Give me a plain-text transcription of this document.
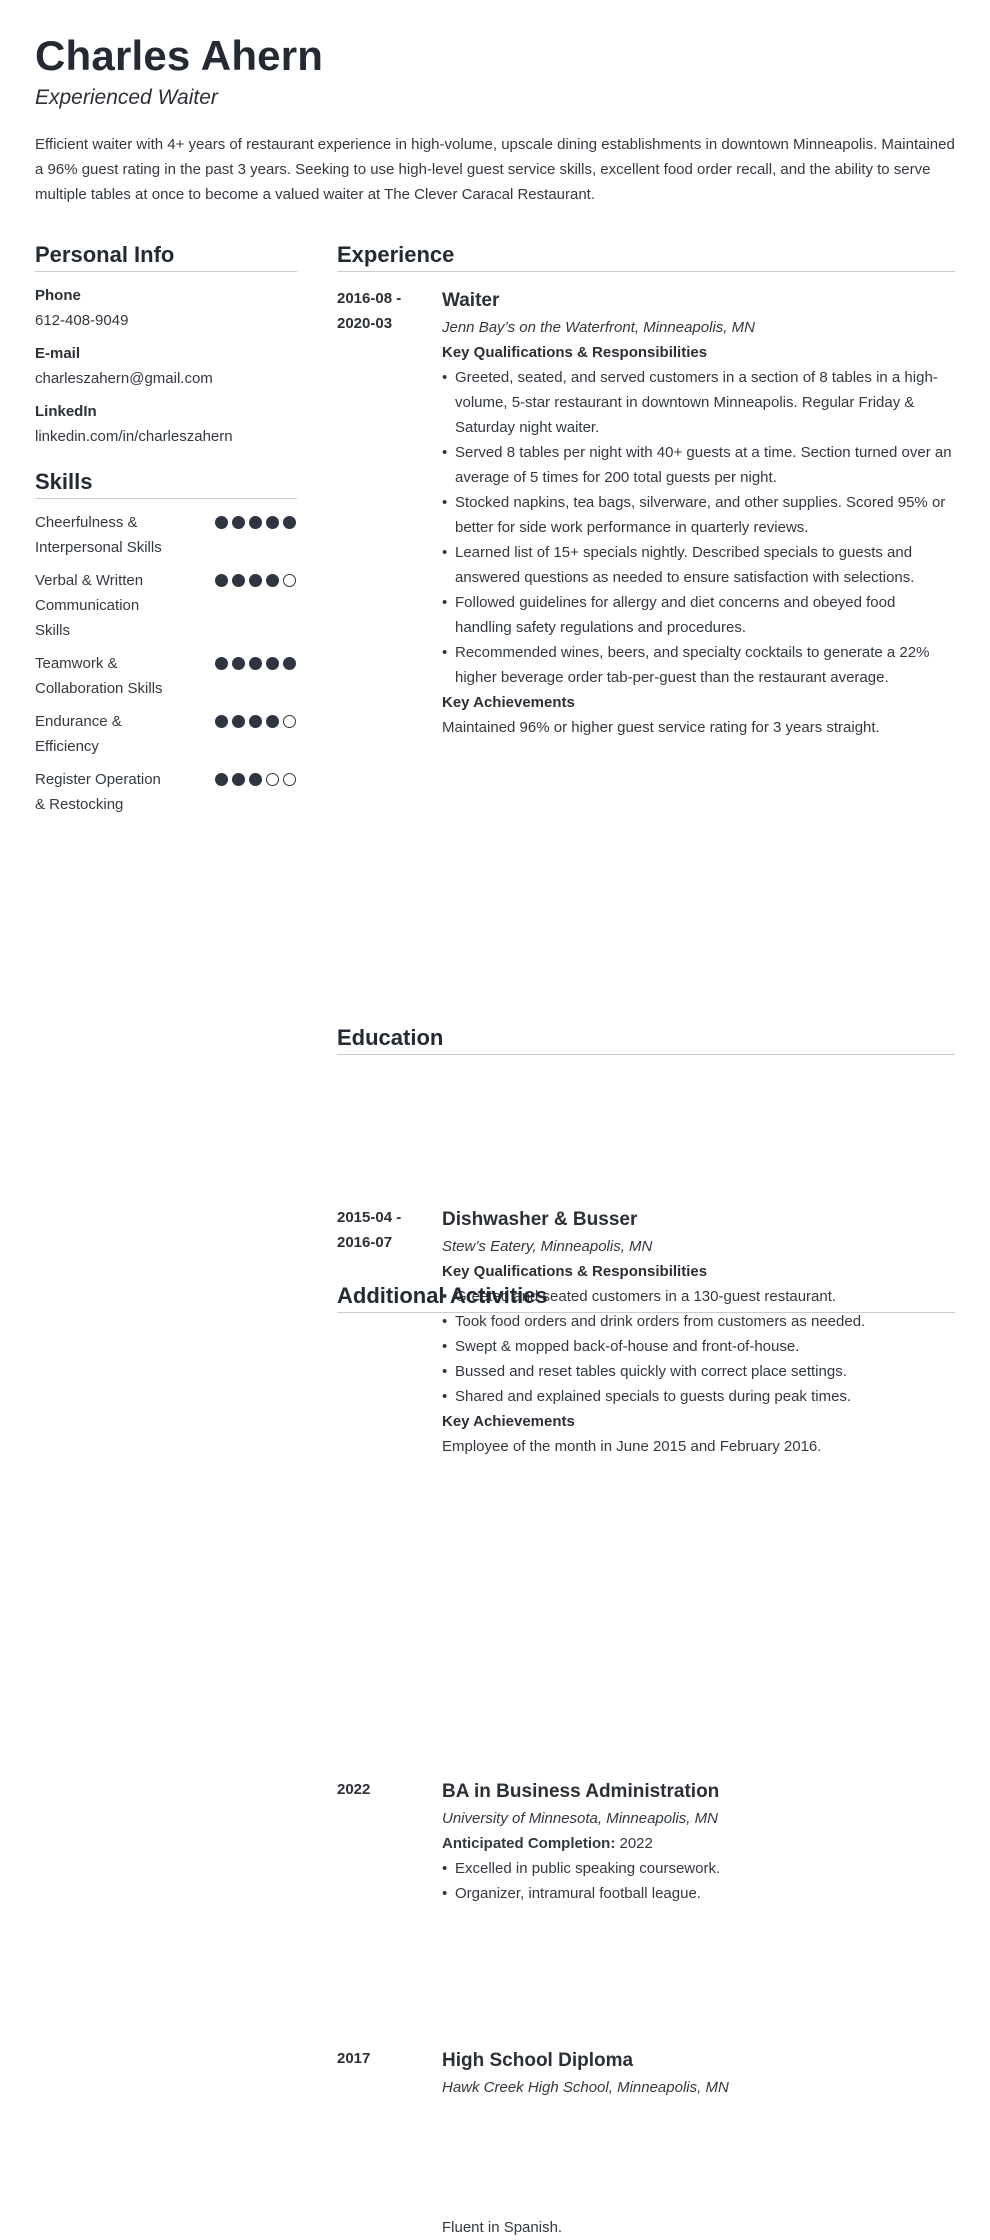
Charles Ahern
Experienced Waiter
Efficient waiter with 4+ years of restaurant experience in high-volume, upscale dining establishments in downtown Minneapolis. Maintained a 96% guest rating in the past 3 years. Seeking to use high-level guest service skills, excellent food order recall, and the ability to serve multiple tables at once to become a valued waiter at The Clever Caracal Restaurant.
Personal Info
Phone
612-408-9049
E-mail
charleszahern@gmail.com
LinkedIn
linkedin.com/in/charleszahern
Skills
Cheerfulness & Interpersonal Skills
Verbal & Written Communication Skills
Teamwork & Collaboration Skills
Endurance & Efficiency
Register Operation & Restocking
Experience
2016-08 - 2020-03
Waiter
Jenn Bay’s on the Waterfront, Minneapolis, MN
Key Qualifications & Responsibilities
• Greeted, seated, and served customers in a section of 8 tables in a high-volume, 5-star restaurant in downtown Minneapolis. Regular Friday & Saturday night waiter.
• Served 8 tables per night with 40+ guests at a time. Section turned over an average of 5 times for 200 total guests per night.
• Stocked napkins, tea bags, silverware, and other supplies. Scored 95% or better for side work performance in quarterly reviews.
• Learned list of 15+ specials nightly. Described specials to guests and answered questions as needed to ensure satisfaction with selections.
• Followed guidelines for allergy and diet concerns and obeyed food handling safety regulations and procedures.
• Recommended wines, beers, and specialty cocktails to generate a 22% higher beverage order tab-per-guest than the restaurant average.
Key Achievements
Maintained 96% or higher guest service rating for 3 years straight.
2015-04 - 2016-07
Dishwasher & Busser
Stew’s Eatery, Minneapolis, MN
Key Qualifications & Responsibilities
• Greeted and seated customers in a 130-guest restaurant.
• Took food orders and drink orders from customers as needed.
• Swept & mopped back-of-house and front-of-house.
• Bussed and reset tables quickly with correct place settings.
• Shared and explained specials to guests during peak times.
Key Achievements
Employee of the month in June 2015 and February 2016.
Education
2022	BA in Business Administration
University of Minnesota, Minneapolis, MN
Anticipated Completion: 2022
• Excelled in public speaking coursework.
• Organizer, intramural football league.
2017	High School Diploma
Hawk Creek High School, Minneapolis, MN
Additional Activities
Fluent in Spanish.
